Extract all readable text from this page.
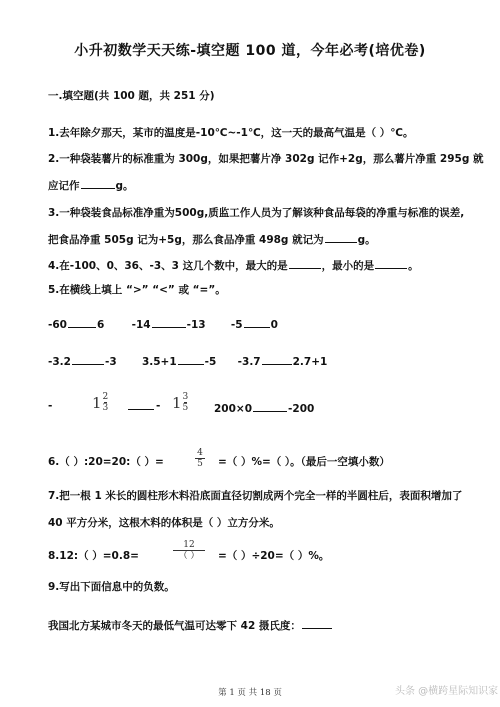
小升初数学天天练-填空题 100 道，今年必考(培优卷)
一.填空题(共 100 题，共 251 分)
1.去年除夕那天，某市的温度是-10℃~-1℃，这一天的最高气温是（ ）℃。
2.一种袋装薯片的标准重为 300g，如果把薯片净 302g 记作+2g，那么薯片净重 295g 就
应记作	g。
3.一种袋装食品标准净重为500g,质监工作人员为了解该种食品每袋的净重与标准的误差,
把食品净重 505g 记为+5g，那么食品净重 498g 就记为	g。
4.在-100、0、36、-3、3 这几个数中，最大的是	，最小的是	。
5.在横线上填上 “>” “<” 或 “=”。
-60	6	-14	-13 -5	0
-3.2	-3 3.5+1	-5 -3.7	2.7+1
-	$1 \frac{2}{3}$	- $1 \frac{3}{5} 200\times 0$	-200
6.（ ）:20=20:（ ）=	$\frac{4}{5}$ =（ ）%=（ ）。（最后一空填小数）
7.把一根 1 米长的圆柱形木料沿底面直径切割成两个完全一样的半圆柱后，表面积增加了
40 平方分米，这根木料的体积是（ ）立方分米。
8.12:（ ）=0.8=	$\frac{12}{( )}$ =（ ）÷20=（ ）%。
9.写出下面信息中的负数。
我国北方某城市冬天的最低气温可达零下 42 摄氏度：
第 1 页 共 18 页	头条 @横跨星际知识家
